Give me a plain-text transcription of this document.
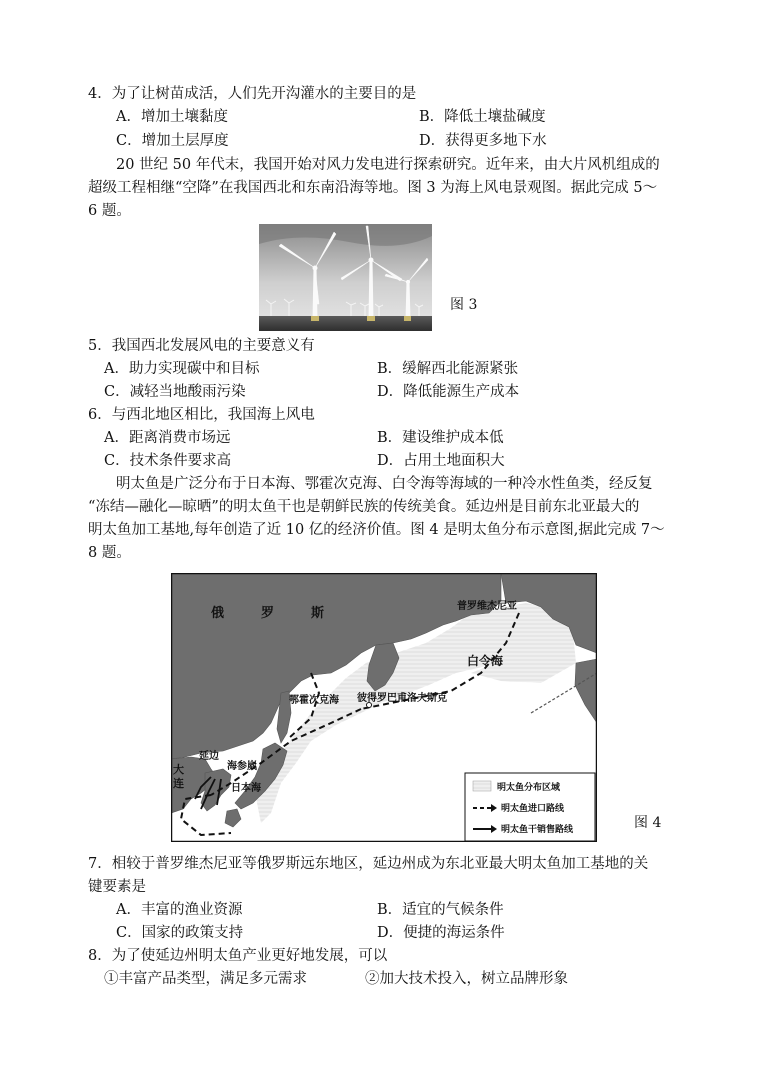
4．为了让树苗成活，人们先开沟灌水的主要目的是
A．增加土壤黏度	B．降低土壤盐碱度
C．增加土层厚度	D．获得更多地下水
20 世纪 50 年代末，我国开始对风力发电进行探索研究。近年来，由大片风机组成的
超级工程相继“空降”在我国西北和东南沿海等地。图 3 为海上风电景观图。据此完成 5～
6 题。
图 3
5．我国西北发展风电的主要意义有
A．助力实现碳中和目标	B．缓解西北能源紧张
C．减轻当地酸雨污染	D．降低能源生产成本
6．与西北地区相比，我国海上风电
A．距离消费市场远	B．建设维护成本低
C．技术条件要求高	D．占用土地面积大
明太鱼是广泛分布于日本海、鄂霍次克海、白令海等海域的一种冷水性鱼类，经反复
“冻结—融化—晾晒”的明太鱼干也是朝鲜民族的传统美食。延边州是目前东北亚最大的
明太鱼加工基地,每年创造了近 10 亿的经济价值。图 4 是明太鱼分布示意图,据此完成 7～
8 题。
俄	罗	斯	普罗维杰尼亚
白令海
鄂霍次克海 彼得罗巴甫洛夫斯克
延边
海参崴
日本海
大
连	明太鱼分布区域
明太鱼进口路线
明太鱼干销售路线	图 4
7．相较于普罗维杰尼亚等俄罗斯远东地区，延边州成为东北亚最大明太鱼加工基地的关
键要素是
A．丰富的渔业资源	B．适宜的气候条件
C．国家的政策支持	D．便捷的海运条件
8．为了使延边州明太鱼产业更好地发展，可以
①丰富产品类型，满足多元需求	②加大技术投入，树立品牌形象
